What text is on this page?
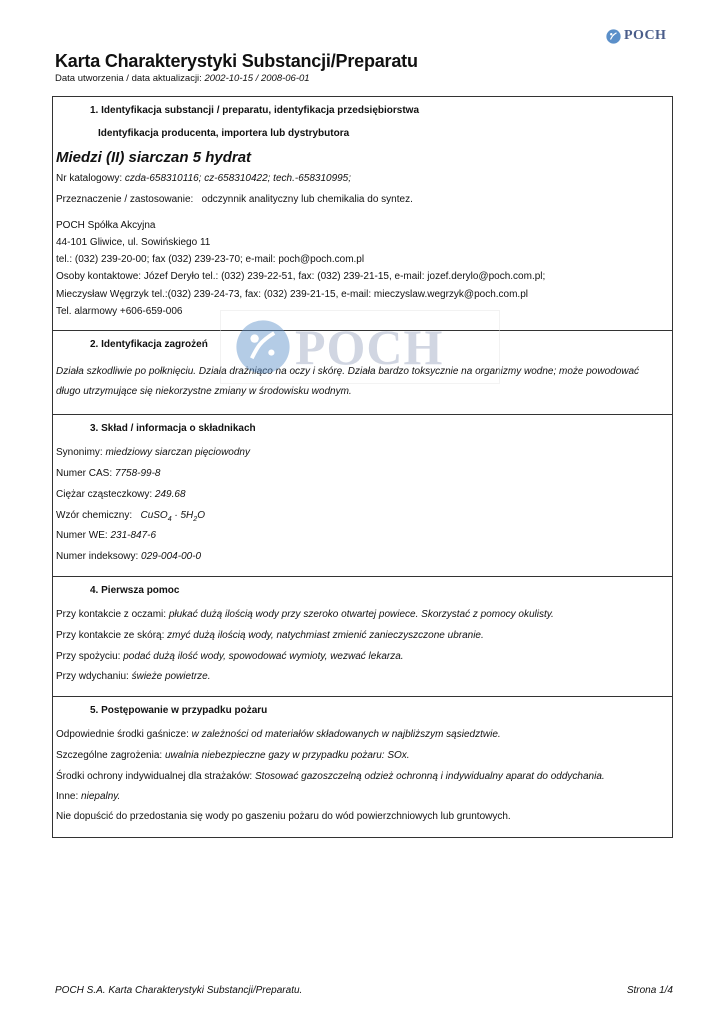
POCH
Karta Charakterystyki Substancji/Preparatu
Data utworzenia / data aktualizacji: 2002-10-15 / 2008-06-01
1. Identyfikacja substancji / preparatu, identyfikacja przedsiębiorstwa
Identyfikacja producenta, importera lub dystrybutora
Miedzi (II) siarczan 5 hydrat
Nr katalogowy: czda-658310116; cz-658310422; tech.-658310995;
Przeznaczenie / zastosowanie: odczynnik analityczny lub chemikalia do syntez.
POCH Spółka Akcyjna
44-101 Gliwice, ul. Sowińskiego 11
tel.: (032) 239-20-00; fax (032) 239-23-70; e-mail: poch@poch.com.pl
Osoby kontaktowe: Józef Deryło tel.: (032) 239-22-51, fax: (032) 239-21-15, e-mail: jozef.derylo@poch.com.pl;
Mieczysław Węgrzyk tel.:(032) 239-24-73, fax: (032) 239-21-15, e-mail: mieczyslaw.wegrzyk@poch.com.pl
Tel. alarmowy +606-659-006
2. Identyfikacja zagrożeń
Działa szkodliwie po połknięciu. Działa drażniąco na oczy i skórę. Działa bardzo toksycznie na organizmy wodne; może powodować
długo utrzymujące się niekorzystne zmiany w środowisku wodnym.
3. Skład / informacja o składnikach
Synonimy: miedziowy siarczan pięciowodny
Numer CAS: 7758-99-8
Ciężar cząsteczkowy: 249.68
Wzór chemiczny: CuSO$_4$ · $5H_2O$
Numer WE: 231-847-6
Numer indeksowy: 029-004-00-0
4. Pierwsza pomoc
Przy kontakcie z oczami: płukać dużą ilością wody przy szeroko otwartej powiece. Skorzystać z pomocy okulisty.
Przy kontakcie ze skórą: zmyć dużą ilością wody, natychmiast zmienić zanieczyszczone ubranie.
Przy spożyciu: podać dużą ilość wody, spowodować wymioty, wezwać lekarza.
Przy wdychaniu: świeże powietrze.
5. Postępowanie w przypadku pożaru
Odpowiednie środki gaśnicze: w zależności od materiałów składowanych w najbliższym sąsiedztwie.
Szczególne zagrożenia: uwalnia niebezpieczne gazy w przypadku pożaru: SOx.
Środki ochrony indywidualnej dla strażaków: Stosować gazoszczelną odzież ochronną i indywidualny aparat do oddychania.
Inne: niepalny.
Nie dopuścić do przedostania się wody po gaszeniu pożaru do wód powierzchniowych lub gruntowych.
POCH
POCH S.A. Karta Charakterystyki Substancji/Preparatu.	Strona 1/4
